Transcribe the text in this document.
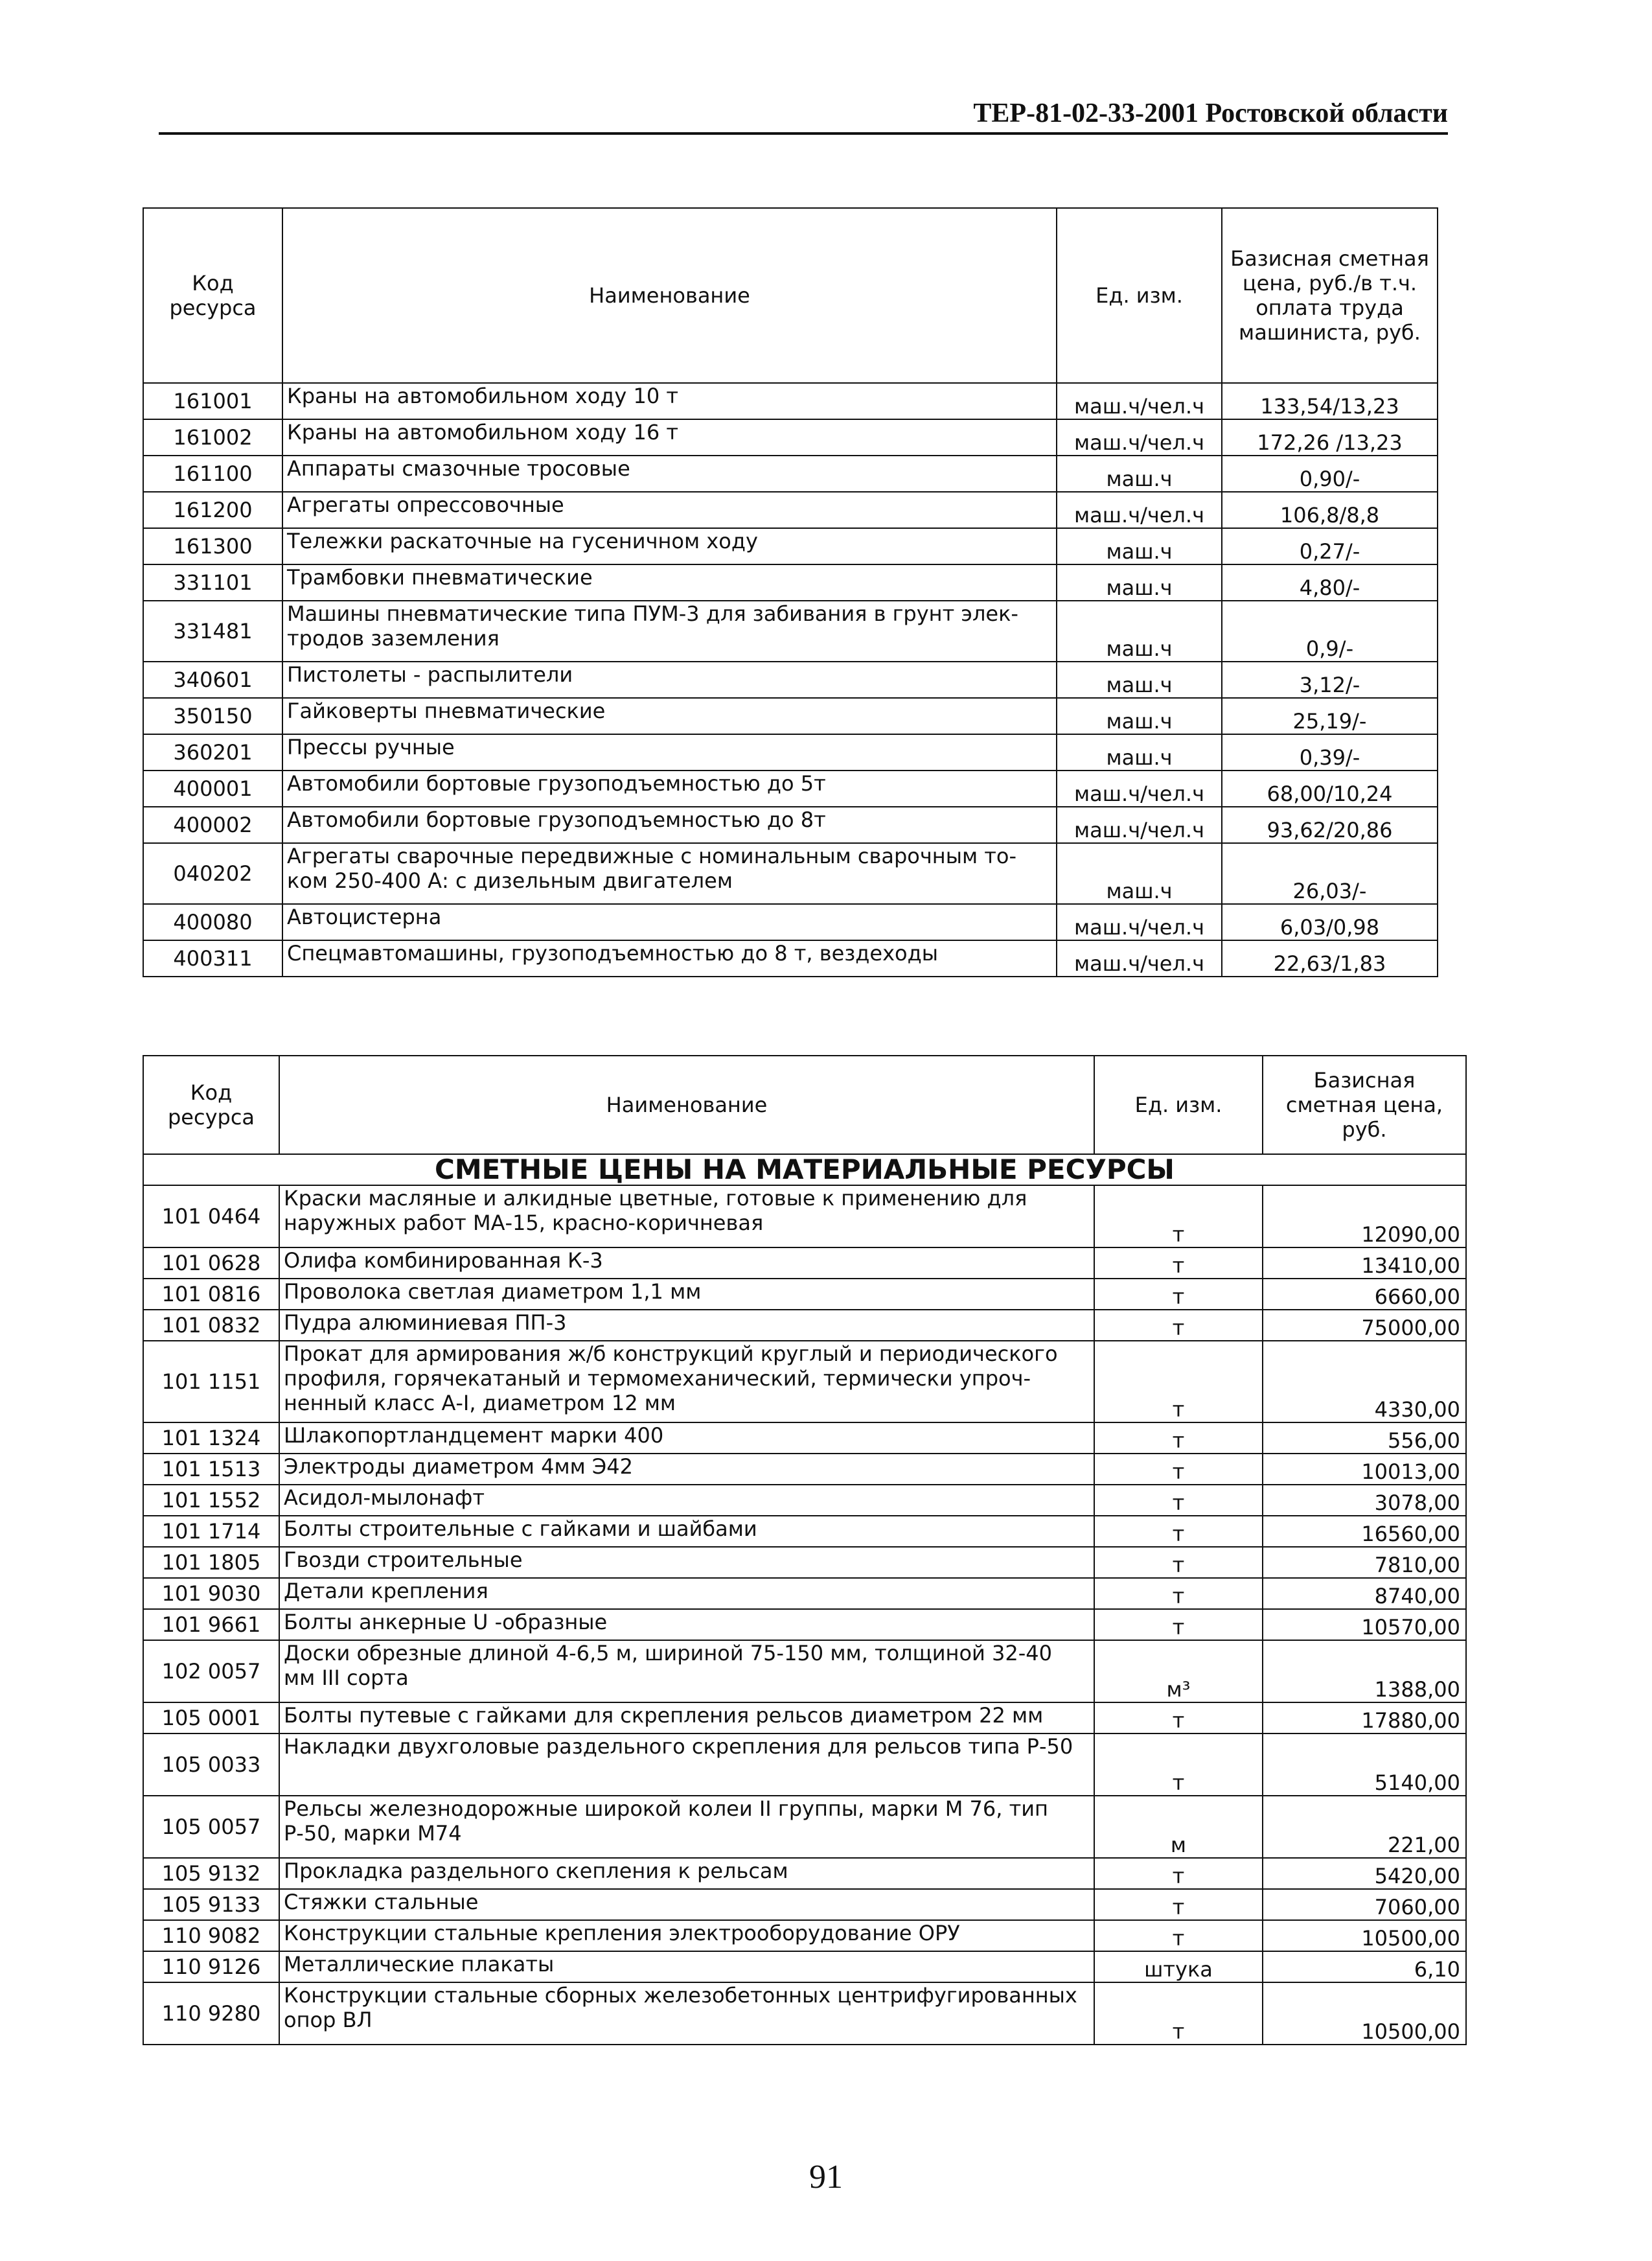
ТЕР-81-02-33-2001 Ростовской области
Код ресурса	Наименование	Ед. изм.	Базисная сметная цена, руб./в т.ч. оплата труда машиниста, руб.
161001	Краны на автомобильном ходу 10 т	маш.ч/чел.ч	133,54/13,23
161002	Краны на автомобильном ходу 16 т	маш.ч/чел.ч	172,26 /13,23
161100	Аппараты смазочные тросовые	маш.ч	0,90/-
161200	Агрегаты опрессовочные	маш.ч/чел.ч	106,8/8,8
161300	Тележки раскаточные на гусеничном ходу	маш.ч	0,27/-
331101	Трамбовки пневматические	маш.ч	4,80/-
331481	Машины пневматические типа ПУМ-3 для забивания в грунт элек-тродов заземления	маш.ч	0,9/-
340601	Пистолеты - распылители	маш.ч	3,12/-
350150	Гайковерты пневматические	маш.ч	25,19/-
360201	Прессы ручные	маш.ч	0,39/-
400001	Автомобили бортовые грузоподъемностью до 5т	маш.ч/чел.ч	68,00/10,24
400002	Автомобили бортовые грузоподъемностью до 8т	маш.ч/чел.ч	93,62/20,86
040202	Агрегаты сварочные передвижные с номинальным сварочным то-ком 250-400 А: с дизельным двигателем	маш.ч	26,03/-
400080	Автоцистерна	маш.ч/чел.ч	6,03/0,98
400311	Спецмавтомашины, грузоподъемностью до 8 т, вездеходы	маш.ч/чел.ч	22,63/1,83
Код ресурса	Наименование	Ед. изм.	Базисная сметная цена, руб.
СМЕТНЫЕ ЦЕНЫ НА МАТЕРИАЛЬНЫЕ РЕСУРСЫ			
101 0464	Краски масляные и алкидные цветные, готовые к применению для наружных работ МА-15, красно-коричневая	т	12090,00
101 0628	Олифа комбинированная К-3	т	13410,00
101 0816	Проволока светлая диаметром 1,1 мм	т	6660,00
101 0832	Пудра алюминиевая ПП-3	т	75000,00
101 1151	Прокат для армирования ж/б конструкций круглый и периодического профиля, горячекатаный и термомеханический, термически упроч-ненный класс А-I, диаметром 12 мм	т	4330,00
101 1324	Шлакопортландцемент марки 400	т	556,00
101 1513	Электроды диаметром 4мм Э42	т	10013,00
101 1552	Асидол-мылонафт	т	3078,00
101 1714	Болты строительные с гайками и шайбами	т	16560,00
101 1805	Гвозди строительные	т	7810,00
101 9030	Детали крепления	т	8740,00
101 9661	Болты анкерные U -образные	т	10570,00
102 0057	Доски обрезные длиной 4-6,5 м, шириной 75-150 мм, толщиной 32-40 мм III сорта	м³	1388,00
105 0001	Болты путевые с гайками для скрепления рельсов диаметром 22 мм	т	17880,00
105 0033	Накладки двухголовые раздельного скрепления для рельсов типа Р-50	т	5140,00
105 0057	Рельсы железнодорожные широкой колеи II группы, марки М 76, тип Р-50, марки М74	м	221,00
105 9132	Прокладка раздельного скепления к рельсам	т	5420,00
105 9133	Стяжки стальные	т	7060,00
110 9082	Конструкции стальные крепления электрооборудование ОРУ	т	10500,00
110 9126	Металлические плакаты	штука	6,10
110 9280	Конструкции стальные сборных железобетонных центрифугированных опор ВЛ	т	10500,00
91
